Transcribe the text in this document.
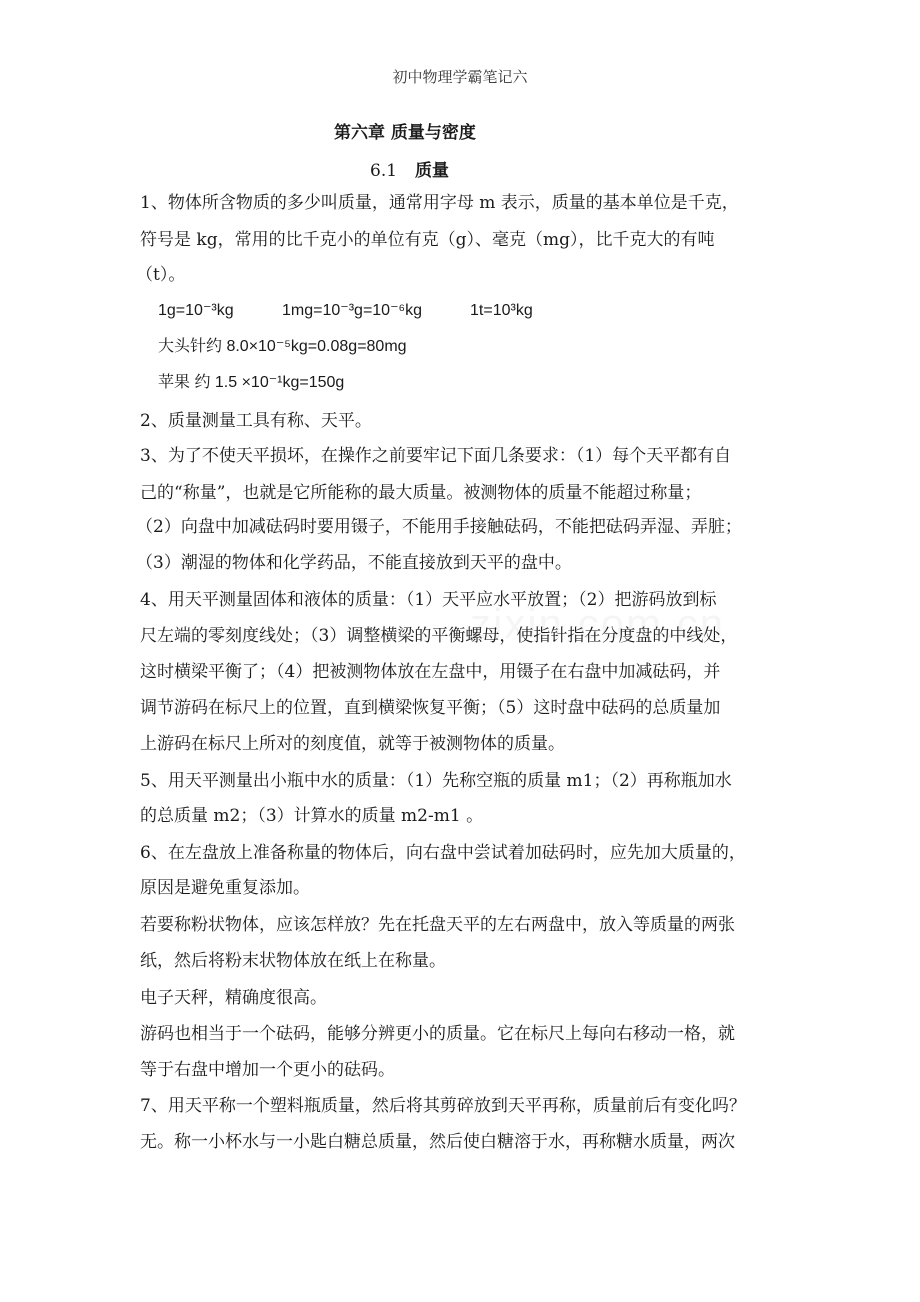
初中物理学霸笔记六
第六章 质量与密度
6.1 质量
1、物体所含物质的多少叫质量，通常用字母 m 表示，质量的基本单位是千克，
符号是 kg，常用的比千克小的单位有克（g）、毫克（mg），比千克大的有吨
（t）。
1g=10⁻³kg	1mg=10⁻³g=10⁻⁶kg	1t=10³kg
大头针约 8.0×10⁻⁵kg=0.08g=80mg
苹果 约 1.5 ×10⁻¹kg=150g
2、质量测量工具有称、天平。
3、为了不使天平损坏，在操作之前要牢记下面几条要求：（1）每个天平都有自
己的“称量”，也就是它所能称的最大质量。被测物体的质量不能超过称量；
（2）向盘中加减砝码时要用镊子，不能用手接触砝码，不能把砝码弄湿、弄脏；
（3）潮湿的物体和化学药品，不能直接放到天平的盘中。
4、用天平测量固体和液体的质量：（1）天平应水平放置；（2）把游码放到标
尺左端的零刻度线处；（3）调整横梁的平衡螺母，使指针指在分度盘的中线处，
这时横梁平衡了；（4）把被测物体放在左盘中，用镊子在右盘中加减砝码，并
调节游码在标尺上的位置，直到横梁恢复平衡；（5）这时盘中砝码的总质量加
上游码在标尺上所对的刻度值，就等于被测物体的质量。
5、用天平测量出小瓶中水的质量：（1）先称空瓶的质量 m1；（2）再称瓶加水
的总质量 m2；（3）计算水的质量 m2-m1 。
6、在左盘放上准备称量的物体后，向右盘中尝试着加砝码时，应先加大质量的，
原因是避免重复添加。
若要称粉状物体，应该怎样放？先在托盘天平的左右两盘中，放入等质量的两张
纸，然后将粉末状物体放在纸上在称量。
电子天秤，精确度很高。
游码也相当于一个砝码，能够分辨更小的质量。它在标尺上每向右移动一格，就
等于右盘中增加一个更小的砝码。
7、用天平称一个塑料瓶质量，然后将其剪碎放到天平再称，质量前后有变化吗？
无。称一小杯水与一小匙白糖总质量，然后使白糖溶于水，再称糖水质量，两次
